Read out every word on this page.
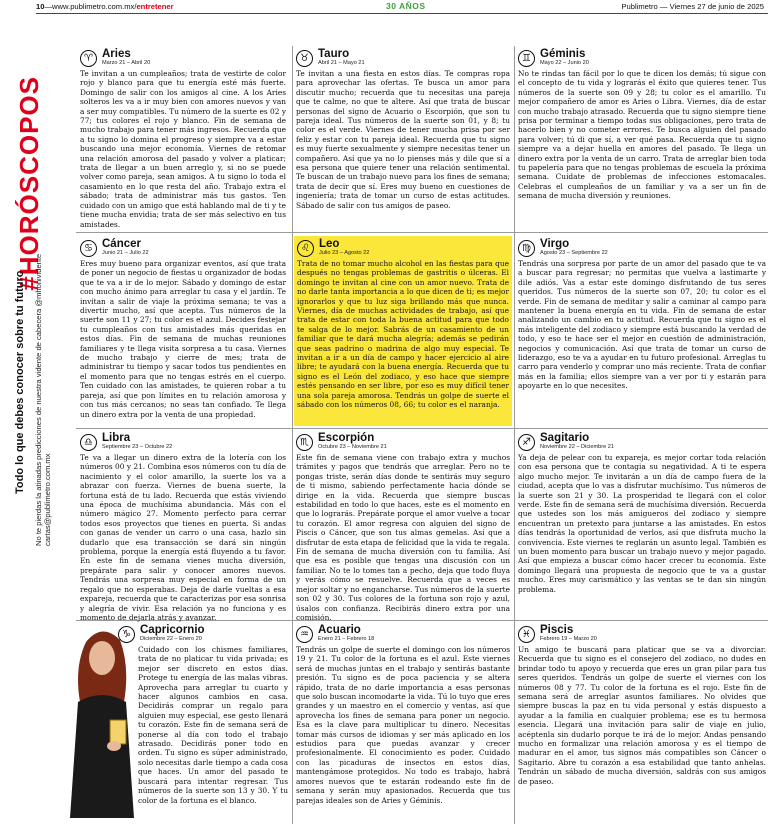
10—www.publimetro.com.mx/entretener	30 AÑOS	Publimetro — Viernes 27 de junio de 2025
#HORÓSCOPOS
Todo lo que debes conocer sobre tu futuro No te pierdas la atinadas predicciones de nuestra vidente de cabecera @mhonividente cartas@publimetro.com.mx
♈ Aries
Marzo 21 – Abril 20
Te invitan a un cumpleaños; trata de vestirte de color rojo y blanco para que tu energía esté más fuerte. Domingo de salir con los amigos al cine. A los Aries solteros les va a ir muy bien con amores nuevos y van a ser muy compatibles. Tu número de la suerte es 02 y 77; tus colores el rojo y blanco. Fin de semana de mucho trabajo para tener más ingresos. Recuerda que a tu signo lo domina el progreso y siempre va a estar buscando una mejor economía. Viernes de retomar una relación amorosa del pasado y volver a platicar; trata de llegar a un buen arreglo y, si no se puede volver como pareja, sean amigos. A tu signo lo toda el casamiento en lo que resta del año. Trabajo extra el sábado; trata de administrar más tus gastos. Ten cuidado con un amigo que está hablando mal de ti y te tiene mucha envidia; trata de ser más selectivo en tus amistades.
♉ Tauro
Abril 21 – Mayo 21
Te invitan a una fiesta en estos días. Te compras ropa para aprovechar las ofertas. Te busca un amor para discutir mucho; recuerda que tu necesitas una pareja que te calme, no que te altere. Así que trata de buscar personas del signo de Acuario o Escorpión, que son tu pareja ideal. Tus números de la suerte son 01, y 8; tu color es el verde. Viernes de tener mucha prisa por ser feliz y estar con tu pareja ideal. Recuerda que tu signo es muy fuerte sexualmente y siempre necesitas tener un compañero. Así que ya no lo pienses más y dile que sí a esa persona que quiere tener una relación sentimental. Te buscan de un trabajo nuevo para los fines de semana; trata de decir que sí. Eres muy bueno en cuestiones de ingeniería; trata de tomar un curso de estas actitudes. Sábado de salir con tus amigos de paseo.
♊ Géminis
Mayo 22 – Junio 20
No te rindas tan fácil por lo que te dicen los demás; tú sigue con el concepto de tu vida y lograrás el éxito que quieres tener. Tus números de la suerte son 09 y 28; tu color es el amarillo. Tu mejor compañero de amor es Aries o Libra. Viernes, día de estar con mucho trabajo atrasado. Recuerda que tu signo siempre tiene prisa por terminar a tiempo todas sus obligaciones, pero trata de hacerlo bien y no cometer errores. Te busca alguien del pasado para volver; tú di que sí, a ver qué pasa. Recuerda que tu signo siempre va a dejar huella en amores del pasado. Te llega un dinero extra por la venta de un carro. Trata de arreglar bien toda tu papelería para que no tengas problemas de escuela la próxima semana. Cuídate de problemas de infecciones estomacales. Celebras el cumpleaños de un familiar y va a ser un fin de semana de mucha diversión y reuniones.
♋ Cáncer
Junio 21 – Julio 22
Eres muy bueno para organizar eventos, así que trata de poner un negocio de fiestas u organizador de bodas que te va a ir de lo mejor. Sábado y domingo de estar con mucho ánimo para arreglar tu casa y el jardín. Te invitan a salir de viaje la próxima semana; te vas a divertir mucho, así que acepta. Tus números de la suerte son 11 y 27; tu color es el azul. Decides festejar tu cumpleaños con tus amistades más queridas en estos días. Fin de semana de muchas reuniones familiares y te llega visita sorpresa a tu casa. Viernes de mucho trabajo y cierre de mes; trata de administrar tu tiempo y sacar todos tus pendientes en el momento para que no tengas estrés en el cuerpo. Ten cuidado con las amistades, te quieren robar a tu pareja, así que pon límites en tu relación amorosa y con tus más cercanos; no seas tan confiado. Te llega un dinero extra por la venta de una propiedad.
♌ Leo
Julio 23 – Agosto 22
Trata de no tomar mucho alcohol en las fiestas para que después no tengas problemas de gastritis o úlceras. El domingo te invitan al cine con un amor nuevo. Trata de no darle tanta importancia a lo que dicen de ti; es mejor ignorarlos y que tu luz siga brillando más que nunca. Viernes, día de muchas actividades de trabajo, así que trata de estar con toda la buena actitud para que todo te salga de lo mejor. Sabrás de un casamiento de un familiar que te dará mucha alegría; además se pedirán que seas padrino o madrina de algo muy especial. Te invitan a ir a un día de campo y hacer ejercicio al aire libre; te ayudará con la buena energía. Recuerda que tu signo es el León del zodiaco, y eso hace que siempre estés pensando en ser libre, por eso es muy difícil tener una sola pareja amorosa. Tendrás un golpe de suerte el sábado con los números 08, 66; tu color es el naranja.
♍ Virgo
Agosto 23 – Septiembre 22
Tendrás una sorpresa por parte de un amor del pasado que te va a buscar para regresar; no permitas que vuelva a lastimarte y dile adiós. Vas a estar este domingo disfrutando de tus seres queridos. Tus números de la suerte son 07, 20; tu color es el verde. Fin de semana de meditar y salir a caminar al campo para mantener la buena energía en tu vida. Fin de semana de estar analizando un cambio en tu actitud. Recuerda que tu signo es el más inteligente del zodiaco y siempre está buscando la verdad de todo, y eso te hace ser el mejor en cuestión de administración, negocios y comunicación. Así que trata de tomar un curso de liderazgo, eso te va a ayudar en tu futuro profesional. Arreglas tu carro para venderlo y comprar uno más reciente. Trata de confiar más en la familia; ellos siempre van a ver por ti y estarán para apoyarte en lo que necesites.
♎ Libra
Septiembre 23 – Octubre 22
Te va a llegar un dinero extra de la lotería con los números 00 y 21. Combina esos números con tu día de nacimiento y el color amarillo, la suerte los va a abrazar con fuerza. Viernes de buena suerte, la fortuna está de tu lado. Recuerda que estás viviendo una época de muchísima abundancia. Más con el número mágico 27. Momento perfecto para cerrar todos esos proyectos que tienes en puerta. Si andas con ganas de vender un carro o una casa, hazlo sin dudarlo que esa transacción se dará sin ningún problema, porque la energía está fluyendo a tu favor. En este fin de semana vienes mucha diversión, prepárate para salir y conocer amores nuevos. Tendrás una sorpresa muy especial en forma de un regalo que no esperabas. Deja de darle vueltas a esa expareja, recuerda que te caracterizas por esa sonrisa y alegría de vivir. Esa relación ya no funciona y es momento de dejarla atrás y avanzar.
♏ Escorpión
Octubre 23 – Noviembre 21
Este fin de semana viene con trabajo extra y muchos trámites y pagos que tendrás que arreglar. Pero no te pongas triste, serán días donde te sentirás muy seguro de ti mismo, sabiendo perfectamente hacia dónde se dirige en la vida. Recuerda que siempre buscas estabilidad en todo lo que haces, este es el momento en que lo lograrás. Prepárate porque el amor vuelve a tocar tu corazón. El amor regresa con alguien del signo de Piscis o Cáncer, que son tus almas gemelas. Así que a disfrutar de esta etapa de felicidad que la vida te regala. Fin de semana de mucha diversión con tu familia. Así que esa es posible que tengas una discusión con un familiar. No te lo tomes tan a pecho, deja que todo fluya y verás cómo se resuelve. Recuerda que a veces es mejor soltar y no engancharse. Tus números de la suerte son 02 y 30. Tus colores de la fortuna son rojo y azul, úsalos con confianza. Recibirás dinero extra por una comisión.
♐ Sagitario
Noviembre 22 – Diciembre 21
Ya deja de pelear con tu expareja, es mejor cortar toda relación con esa persona que te contagia su negatividad. A ti te espera algo mucho mejor. Te invitarán a un día de campo fuera de la ciudad, acepta que lo vas a disfrutar muchísimo. Tus números de la suerte son 21 y 30. La prosperidad te llegará con el color verde. Este fin de semana será de muchísima diversión. Recuerda que ustedes son los más amigueros del zodiaco y siempre encuentran un pretexto para juntarse a las amistades. En estos días tendrás la oportunidad de verlos, así que disfruta mucho la convivencia. Este viernes te reglarán un asunto legal. También es un buen momento para buscar un trabajo nuevo y mejor pagado. Así que empieza a buscar cómo hacer crecer tu economía. Este domingo llegará una propuesta de negocio que te va a gustar mucho. Eres muy carismático y las ventas se te dan sin ningún problema.
♑ Capricornio
Diciembre 22 – Enero 20
Cuidado con los chismes familiares, trata de no platicar tu vida privada; es mejor ser discreto en estos días. Protege tu energía de las malas vibras. Aprovecha para arreglar tu cuarto y hacer algunos cambios en casa. Decidirás comprar un regalo para alguien muy especial, ese gesto llenará tu corazón. Este fin de semana será de ponerse al día con todo el trabajo atrasado. Decidirás poner todo en orden. Tu signo es súper administrado, solo necesitas darle tiempo a cada cosa que haces. Un amor del pasado te buscará para intentar regresar. Tus números de la suerte son 13 y 30. Y tu color de la fortuna es el blanco.
♒ Acuario
Enero 21 – Febrero 18
Tendrás un golpe de suerte el domingo con los números 19 y 21. Tu color de la fortuna es el azul. Este viernes será de muchas juntas en el trabajo y sentirás bastante presión. Tu signo es de poca paciencia y se altera rápido, trata de no darle importancia a esas personas que solo buscan incomodarte la vida. Tú lo tuyo que eres grandes y un maestro en el comercio y ventas, así que aprovecha los fines de semana para poner un negocio. Esa es la clave para multiplicar tu dinero. Necesitas tomar más cursos de idiomas y ser más aplicado en los estudios para que puedas avanzar y crecer profesionalmente. El conocimiento es poder. Cuidado con las picaduras de insectos en estos días, mantengámose protegidos. No todo es trabajo, habrá amores nuevos que te estarán rodeando este fin de semana y serán muy apasionados. Recuerda que tus parejas ideales son de Aries y Géminis.
♓ Piscis
Febrero 19 – Marzo 20
Un amigo te buscará para platicar que se va a divorciar. Recuerda que tu signo es el consejero del zodiaco, no dudes en brindar todo tu apoyo y recuerda que eres un gran pilar para tus seres queridos. Tendrás un golpe de suerte el viernes con los números 08 y 77. Tu color de la fortuna es el rojo. Este fin de semana será de arreglar asuntos familiares. No olvides que siempre buscas la paz en tu vida personal y estás dispuesto a ayudar a la familia en cualquier problema; ese es tu hermosa esencia. Llegará una invitación para salir de viaje en julio, acéptenla sin dudarlo porque te irá de lo mejor. Andas pensando mucho en formalizar una relación amorosa y es el tiempo de madurar en el amor, tus signos más compatibles son Cáncer o Sagitario. Abre tu corazón a esa estabilidad que tanto anhelas. Tendrán un sábado de mucha diversión, saldrás con sus amigos de paseo.
